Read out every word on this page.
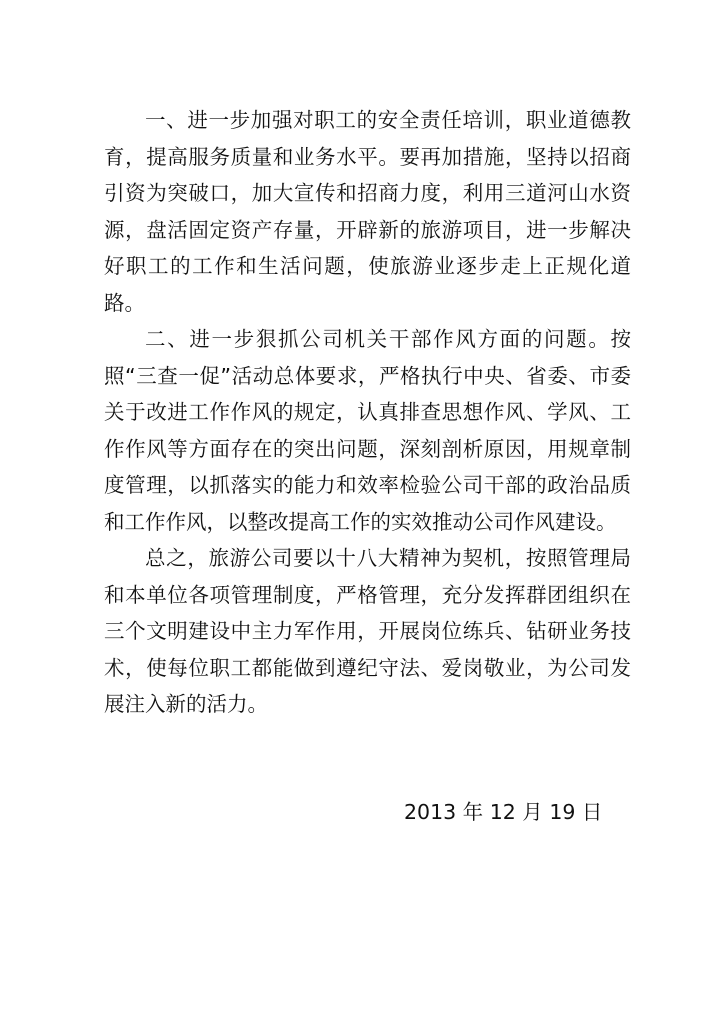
一、进一步加强对职工的安全责任培训，职业道德教育，提高服务质量和业务水平。要再加措施，坚持以招商引资为突破口，加大宣传和招商力度，利用三道河山水资源，盘活固定资产存量，开辟新的旅游项目，进一步解决好职工的工作和生活问题，使旅游业逐步走上正规化道路。

二、进一步狠抓公司机关干部作风方面的问题。按照“三查一促”活动总体要求，严格执行中央、省委、市委关于改进工作作风的规定，认真排查思想作风、学风、工作作风等方面存在的突出问题，深刻剖析原因，用规章制度管理，以抓落实的能力和效率检验公司干部的政治品质和工作作风，以整改提高工作的实效推动公司作风建设。

总之，旅游公司要以十八大精神为契机，按照管理局和本单位各项管理制度，严格管理，充分发挥群团组织在三个文明建设中主力军作用，开展岗位练兵、钻研业务技术，使每位职工都能做到遵纪守法、爱岗敬业，为公司发展注入新的活力。

2013 年 12 月 19 日
